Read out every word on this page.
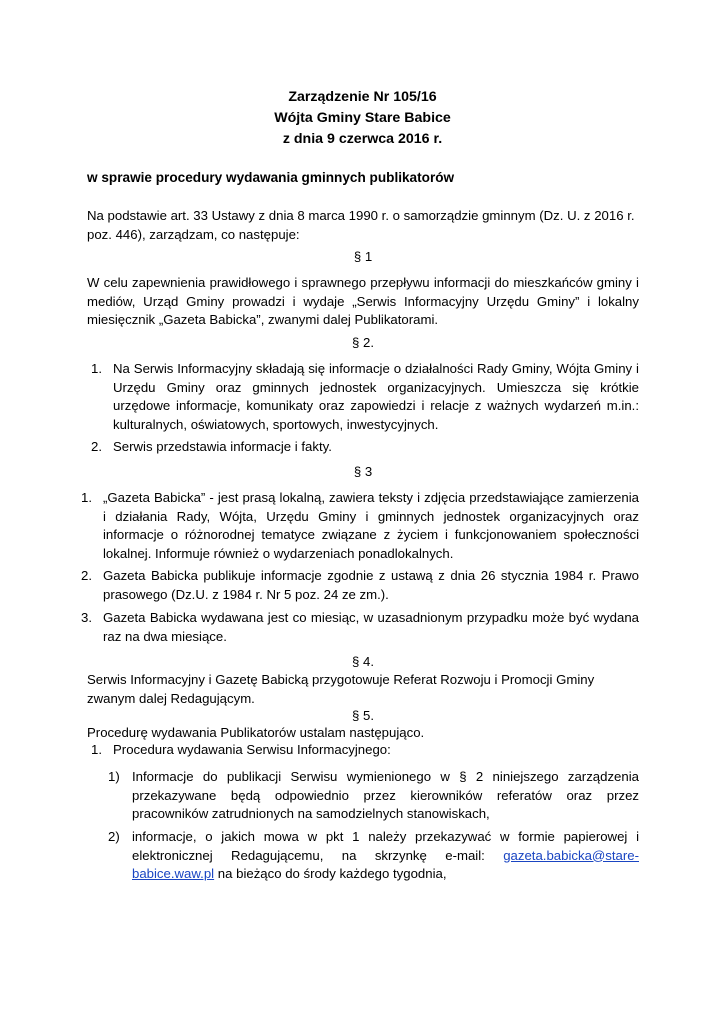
Zarządzenie Nr 105/16
Wójta Gminy Stare Babice
z dnia 9 czerwca 2016 r.
w sprawie procedury wydawania gminnych publikatorów
Na podstawie art. 33 Ustawy z dnia 8 marca 1990 r. o samorządzie gminnym (Dz. U. z 2016 r. poz. 446), zarządzam, co następuje:
§ 1
W celu zapewnienia prawidłowego i sprawnego przepływu informacji do mieszkańców gminy i mediów, Urząd Gminy prowadzi i wydaje „Serwis Informacyjny Urzędu Gminy” i lokalny miesięcznik „Gazeta Babicka”, zwanymi dalej Publikatorami.
§ 2.
1. Na Serwis Informacyjny składają się informacje o działalności Rady Gminy, Wójta Gminy i Urzędu Gminy oraz gminnych jednostek organizacyjnych. Umieszcza się krótkie urzędowe informacje, komunikaty oraz zapowiedzi i relacje z ważnych wydarzeń m.in.: kulturalnych, oświatowych, sportowych, inwestycyjnych.
2. Serwis przedstawia informacje i fakty.
§ 3
1. „Gazeta Babicka” - jest prasą lokalną, zawiera teksty i zdjęcia przedstawiające zamierzenia i działania Rady, Wójta, Urzędu Gminy i gminnych jednostek organizacyjnych oraz informacje o różnorodnej tematyce związane z życiem i funkcjonowaniem społeczności lokalnej. Informuje również o wydarzeniach ponadlokalnych.
2. Gazeta Babicka publikuje informacje zgodnie z ustawą z dnia 26 stycznia 1984 r. Prawo prasowego (Dz.U. z 1984 r. Nr 5 poz. 24 ze zm.).
3. Gazeta Babicka wydawana jest co miesiąc, w uzasadnionym przypadku może być wydana raz na dwa miesiące.
§ 4.
Serwis Informacyjny i Gazetę Babicką przygotowuje Referat Rozwoju i Promocji Gminy zwanym dalej Redagującym.
§ 5.
Procedurę wydawania Publikatorów ustalam następująco.
1. Procedura wydawania Serwisu Informacyjnego:
1) Informacje do publikacji Serwisu wymienionego w § 2 niniejszego zarządzenia przekazywane będą odpowiednio przez kierowników referatów oraz przez pracowników zatrudnionych na samodzielnych stanowiskach,
2) informacje, o jakich mowa w pkt 1 należy przekazywać w formie papierowej i elektronicznej Redagującemu, na skrzynkę e-mail: gazeta.babicka@stare-babice.waw.pl na bieżąco do środy każdego tygodnia,
